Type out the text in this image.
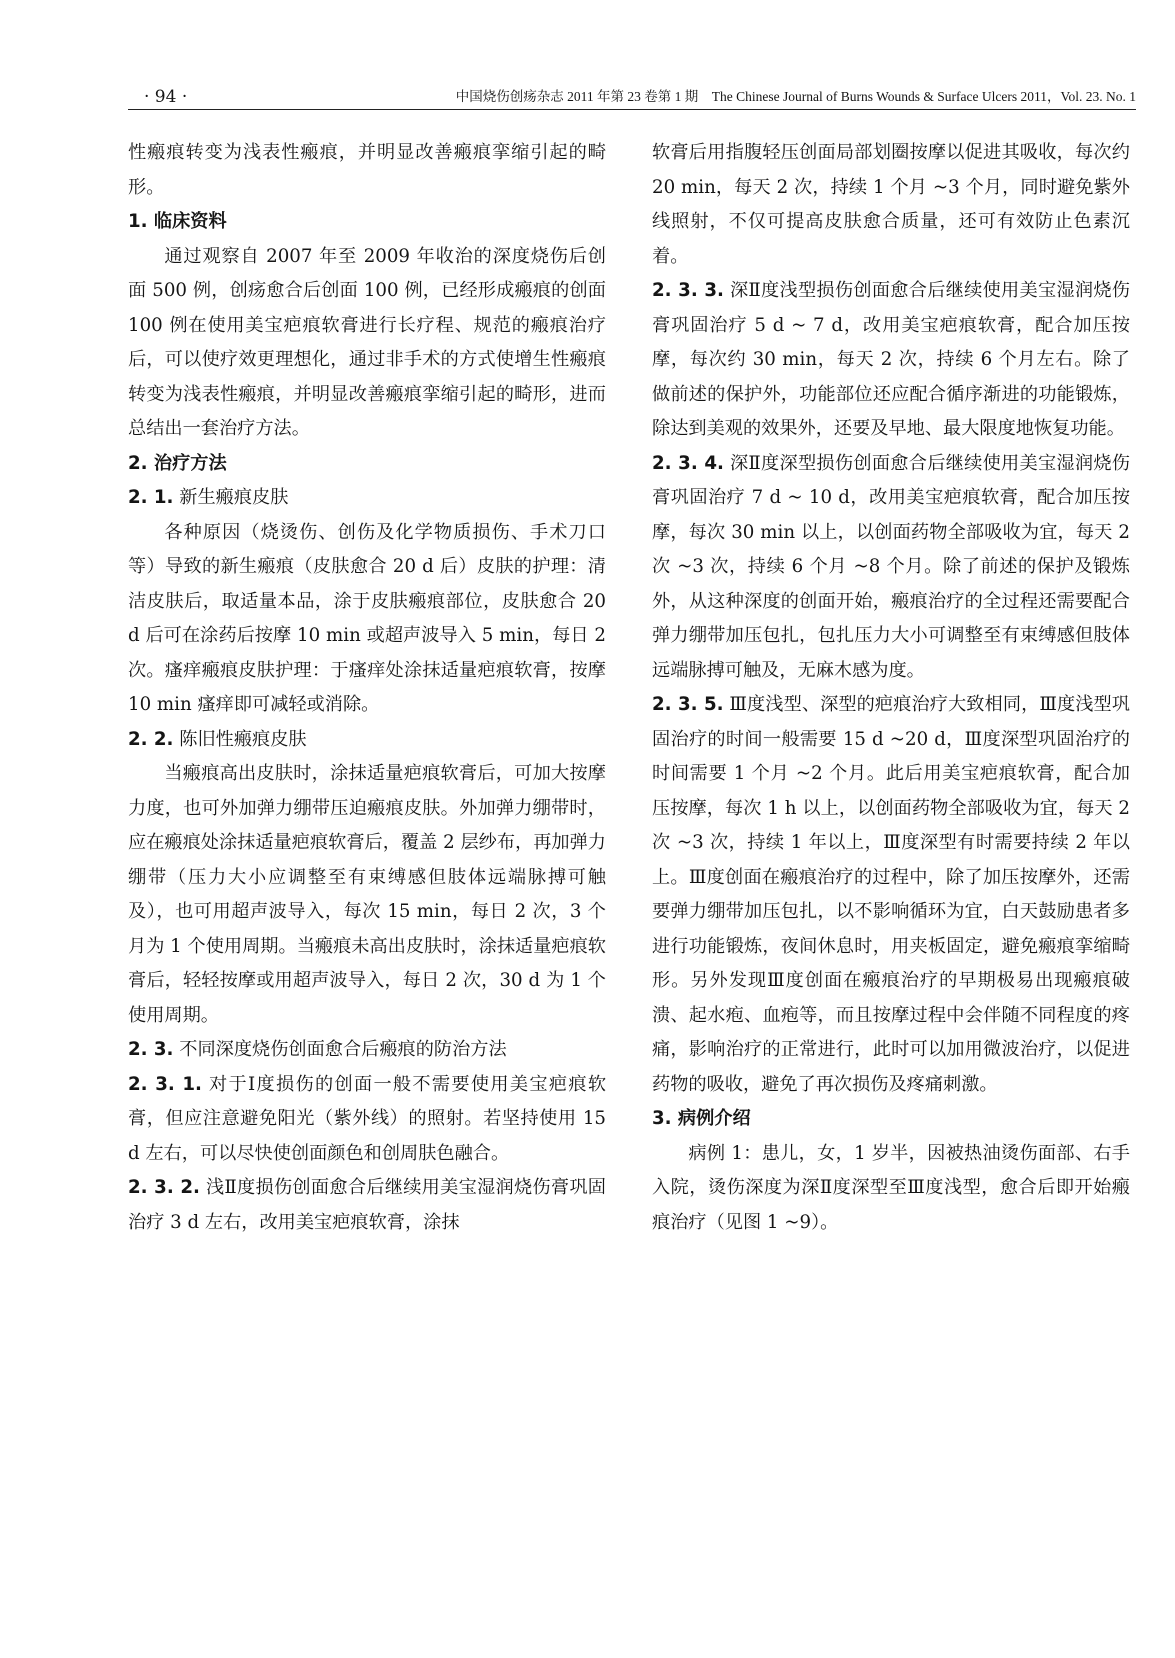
· 94 ·	中国烧伤创疡杂志 2011 年第 23 卷第 1 期　The Chinese Journal of Burns Wounds & Surface Ulcers 2011，Vol. 23. No. 1

性瘢痕转变为浅表性瘢痕，并明显改善瘢痕挛缩引起的畸形。

1. 临床资料

通过观察自 2007 年至 2009 年收治的深度烧伤后创面 500 例，创疡愈合后创面 100 例，已经形成瘢痕的创面 100 例在使用美宝疤痕软膏进行长疗程、规范的瘢痕治疗后，可以使疗效更理想化，通过非手术的方式使增生性瘢痕转变为浅表性瘢痕，并明显改善瘢痕挛缩引起的畸形，进而总结出一套治疗方法。

2. 治疗方法

2. 1. 新生瘢痕皮肤

各种原因（烧烫伤、创伤及化学物质损伤、手术刀口等）导致的新生瘢痕（皮肤愈合 20 d 后）皮肤的护理：清洁皮肤后，取适量本品，涂于皮肤瘢痕部位，皮肤愈合 20 d 后可在涂药后按摩 10 min 或超声波导入 5 min，每日 2 次。瘙痒瘢痕皮肤护理：于瘙痒处涂抹适量疤痕软膏，按摩 10 min 瘙痒即可减轻或消除。

2. 2. 陈旧性瘢痕皮肤

当瘢痕高出皮肤时，涂抹适量疤痕软膏后，可加大按摩力度，也可外加弹力绷带压迫瘢痕皮肤。外加弹力绷带时，应在瘢痕处涂抹适量疤痕软膏后，覆盖 2 层纱布，再加弹力绷带（压力大小应调整至有束缚感但肢体远端脉搏可触及），也可用超声波导入，每次 15 min，每日 2 次，3 个月为 1 个使用周期。当瘢痕未高出皮肤时，涂抹适量疤痕软膏后，轻轻按摩或用超声波导入，每日 2 次，30 d 为 1 个使用周期。

2. 3. 不同深度烧伤创面愈合后瘢痕的防治方法

2. 3. 1. 对于Ⅰ度损伤的创面一般不需要使用美宝疤痕软膏，但应注意避免阳光（紫外线）的照射。若坚持使用 15 d 左右，可以尽快使创面颜色和创周肤色融合。

2. 3. 2. 浅Ⅱ度损伤创面愈合后继续用美宝湿润烧伤膏巩固治疗 3 d 左右，改用美宝疤痕软膏，涂抹

软膏后用指腹轻压创面局部划圈按摩以促进其吸收，每次约 20 min，每天 2 次，持续 1 个月 ~3 个月，同时避免紫外线照射，不仅可提高皮肤愈合质量，还可有效防止色素沉着。

2. 3. 3. 深Ⅱ度浅型损伤创面愈合后继续使用美宝湿润烧伤膏巩固治疗 5 d ~ 7 d，改用美宝疤痕软膏，配合加压按摩，每次约 30 min，每天 2 次，持续 6 个月左右。除了做前述的保护外，功能部位还应配合循序渐进的功能锻炼，除达到美观的效果外，还要及早地、最大限度地恢复功能。

2. 3. 4. 深Ⅱ度深型损伤创面愈合后继续使用美宝湿润烧伤膏巩固治疗 7 d ~ 10 d，改用美宝疤痕软膏，配合加压按摩，每次 30 min 以上，以创面药物全部吸收为宜，每天 2 次 ~3 次，持续 6 个月 ~8 个月。除了前述的保护及锻炼外，从这种深度的创面开始，瘢痕治疗的全过程还需要配合弹力绷带加压包扎，包扎压力大小可调整至有束缚感但肢体远端脉搏可触及，无麻木感为度。

2. 3. 5. Ⅲ度浅型、深型的疤痕治疗大致相同，Ⅲ度浅型巩固治疗的时间一般需要 15 d ~20 d，Ⅲ度深型巩固治疗的时间需要 1 个月 ~2 个月。此后用美宝疤痕软膏，配合加压按摩，每次 1 h 以上，以创面药物全部吸收为宜，每天 2 次 ~3 次，持续 1 年以上，Ⅲ度深型有时需要持续 2 年以上。Ⅲ度创面在瘢痕治疗的过程中，除了加压按摩外，还需要弹力绷带加压包扎，以不影响循环为宜，白天鼓励患者多进行功能锻炼，夜间休息时，用夹板固定，避免瘢痕挛缩畸形。另外发现Ⅲ度创面在瘢痕治疗的早期极易出现瘢痕破溃、起水疱、血疱等，而且按摩过程中会伴随不同程度的疼痛，影响治疗的正常进行，此时可以加用微波治疗，以促进药物的吸收，避免了再次损伤及疼痛刺激。

3. 病例介绍

病例 1：患儿，女，1 岁半，因被热油烫伤面部、右手入院，烫伤深度为深Ⅱ度深型至Ⅲ度浅型，愈合后即开始瘢痕治疗（见图 1 ~9）。
